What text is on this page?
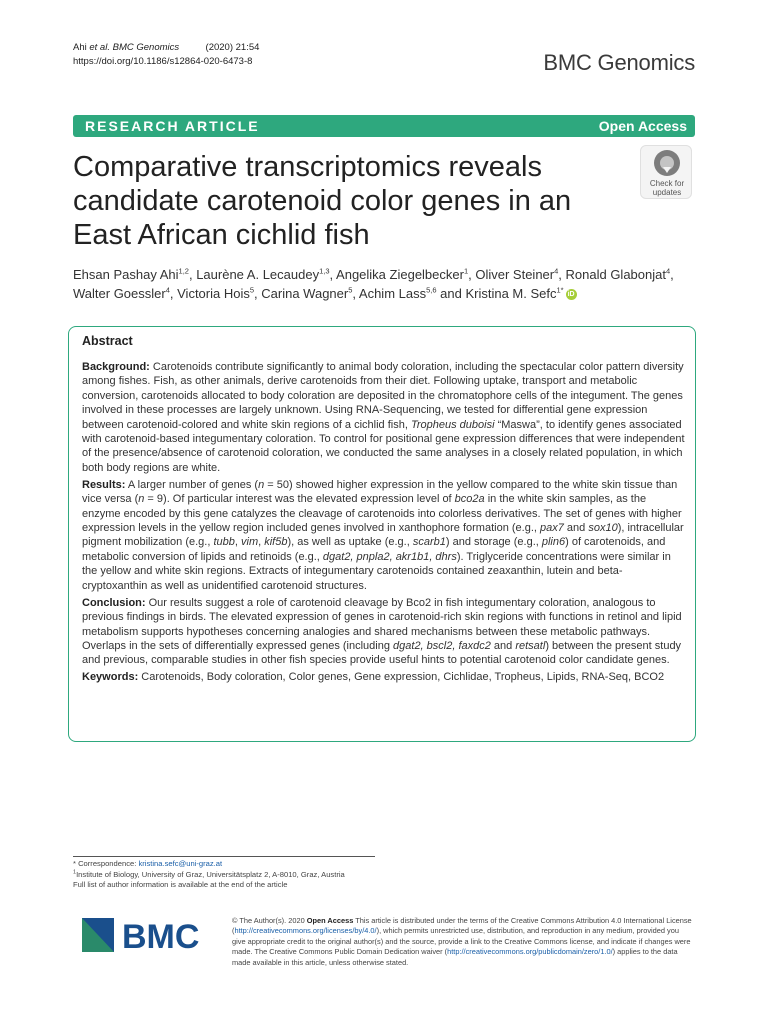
Ahi et al. BMC Genomics	(2020) 21:54
https://doi.org/10.1186/s12864-020-6473-8	BMC Genomics
RESEARCH ARTICLE	Open Access
Comparative transcriptomics reveals candidate carotenoid color genes in an East African cichlid fish
Check for
updates
Ehsan Pashay Ahi$^{1,2}$, Laurène A. Lecaudey$^{1,3}$, Angelika Ziegelbecker$^1$, Oliver Steiner$^4$, Ronald Glabonjat$^4$, Walter Goessler$^4$, Victoria Hois$^5$, Carina Wagner$^5$, Achim Lass$^{5,6}$ and Kristina M. Sefc$^{1*}$ iD
Abstract

Background: Carotenoids contribute significantly to animal body coloration, including the spectacular color pattern diversity among fishes. Fish, as other animals, derive carotenoids from their diet. Following uptake, transport and metabolic conversion, carotenoids allocated to body coloration are deposited in the chromatophore cells of the integument. The genes involved in these processes are largely unknown. Using RNA-Sequencing, we tested for differential gene expression between carotenoid-colored and white skin regions of a cichlid fish, Tropheus duboisi “Maswa”, to identify genes associated with carotenoid-based integumentary coloration. To control for positional gene expression differences that were independent of the presence/absence of carotenoid coloration, we conducted the same analyses in a closely related population, in which both body regions are white.

Results: A larger number of genes (n = 50) showed higher expression in the yellow compared to the white skin tissue than vice versa (n = 9). Of particular interest was the elevated expression level of bco2a in the white skin samples, as the enzyme encoded by this gene catalyzes the cleavage of carotenoids into colorless derivatives. The set of genes with higher expression levels in the yellow region included genes involved in xanthophore formation (e.g., pax7 and sox10), intracellular pigment mobilization (e.g., tubb, vim, kif5b), as well as uptake (e.g., scarb1) and storage (e.g., plin6) of carotenoids, and metabolic conversion of lipids and retinoids (e.g., dgat2, pnpla2, akr1b1, dhrs). Triglyceride concentrations were similar in the yellow and white skin regions. Extracts of integumentary carotenoids contained zeaxanthin, lutein and beta-cryptoxanthin as well as unidentified carotenoid structures.

Conclusion: Our results suggest a role of carotenoid cleavage by Bco2 in fish integumentary coloration, analogous to previous findings in birds. The elevated expression of genes in carotenoid-rich skin regions with functions in retinol and lipid metabolism supports hypotheses concerning analogies and shared mechanisms between these metabolic pathways. Overlaps in the sets of differentially expressed genes (including dgat2, bscl2, faxdc2 and retsatl) between the present study and previous, comparable studies in other fish species provide useful hints to potential carotenoid color candidate genes.

Keywords: Carotenoids, Body coloration, Color genes, Gene expression, Cichlidae, Tropheus, Lipids, RNA-Seq, BCO2

* Correspondence: kristina.sefc@uni-graz.at
$^1$Institute of Biology, University of Graz, Universitätsplatz 2, A-8010, Graz, Austria
Full list of author information is available at the end of the article
BMC	© The Author(s). 2020 Open Access This article is distributed under the terms of the Creative Commons Attribution 4.0 International License (http://creativecommons.org/licenses/by/4.0/), which permits unrestricted use, distribution, and reproduction in any medium, provided you give appropriate credit to the original author(s) and the source, provide a link to the Creative Commons license, and indicate if changes were made. The Creative Commons Public Domain Dedication waiver (http://creativecommons.org/publicdomain/zero/1.0/) applies to the data made available in this article, unless otherwise stated.
